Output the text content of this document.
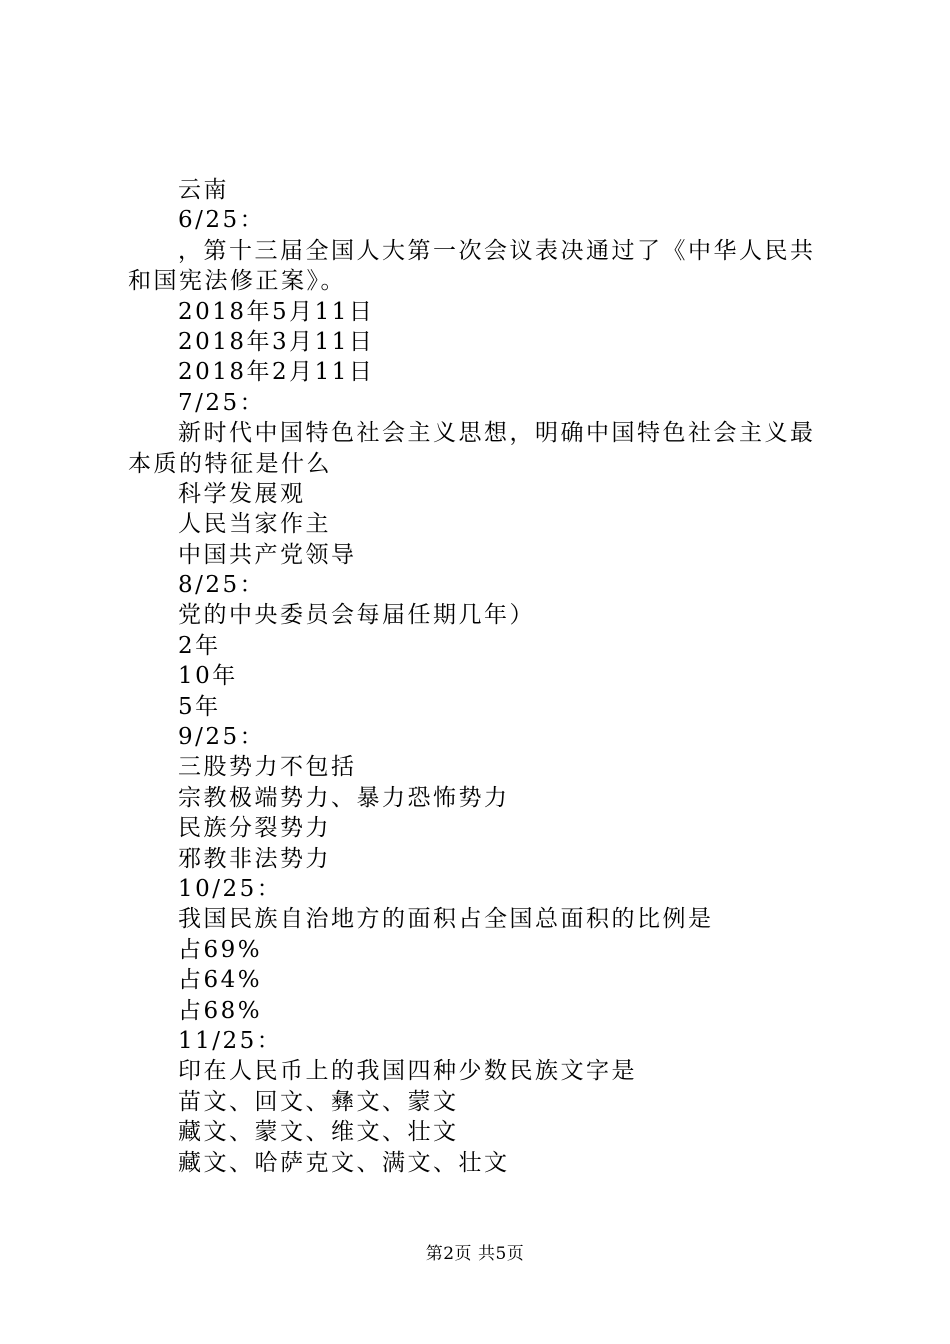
云南
6/25：
，第十三届全国人大第一次会议表决通过了《中华人民共
和国宪法修正案》。
2018年5月11日
2018年3月11日
2018年2月11日
7/25：
新时代中国特色社会主义思想，明确中国特色社会主义最
本质的特征是什么
科学发展观
人民当家作主
中国共产党领导
8/25：
党的中央委员会每届任期几年）
2年
10年
5年
9/25：
三股势力不包括
宗教极端势力、暴力恐怖势力
民族分裂势力
邪教非法势力
10/25：
我国民族自治地方的面积占全国总面积的比例是
占69%
占64%
占68%
11/25：
印在人民币上的我国四种少数民族文字是
苗文、回文、彝文、蒙文
藏文、蒙文、维文、壮文
藏文、哈萨克文、满文、壮文
第2页 共5页
